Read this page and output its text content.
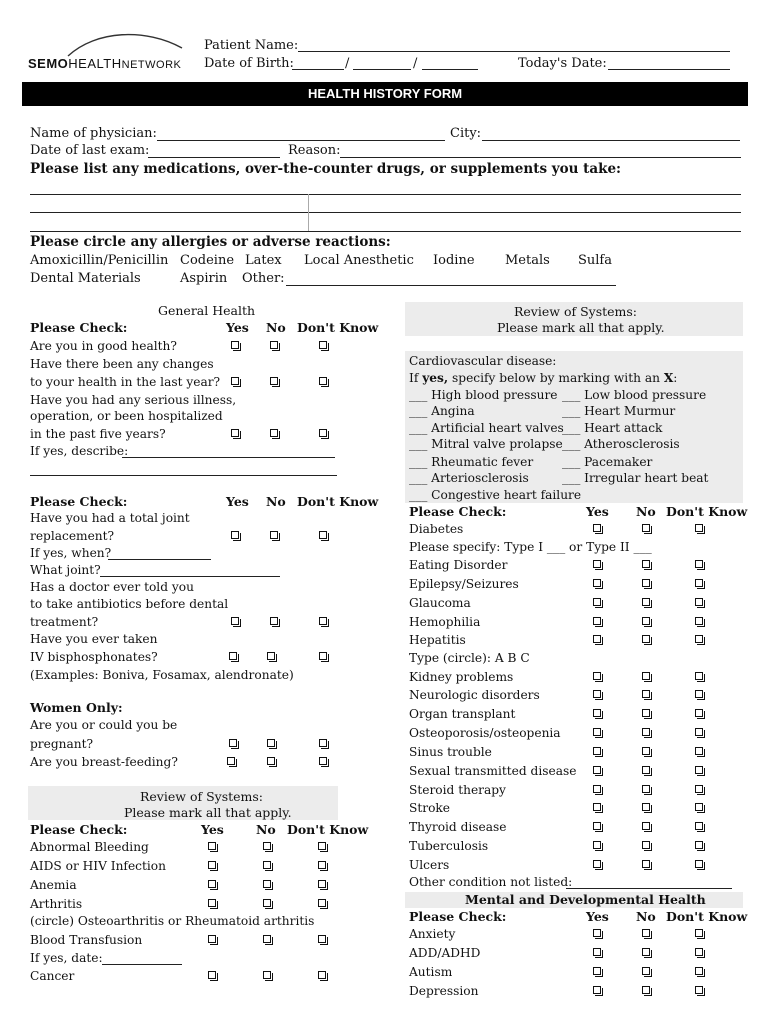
SEMOHEALTHNETWORK
Patient Name:
Date of Birth:	/	/	Today's Date:
HEALTH HISTORY FORM
Name of physician:	City:
Date of last exam:	Reason:
Please list any medications, over-the-counter drugs, or supplements you take:
Please circle any allergies or adverse reactions:
Amoxicillin/Penicillin Codeine Latex Local Anesthetic Iodine Metals Sulfa
Dental Materials	Aspirin Other:
General Health
Please Check:	Yes No Don't Know
Are you in good health?
Have there been any changes
to your health in the last year?
Have you had any serious illness,
operation, or been hospitalized
in the past five years?
If yes, describe:
Please Check:	Yes No Don't Know
Have you had a total joint
replacement?
If yes, when?
What joint?
Has a doctor ever told you
to take antibiotics before dental
treatment?
Have you ever taken
IV bisphosphonates?
(Examples: Boniva, Fosamax, alendronate)
Women Only:
Are you or could you be
pregnant?
Are you breast-feeding?
Review of Systems:
Please mark all that apply.
Please Check:	Yes	No Don't Know
Abnormal Bleeding
AIDS or HIV Infection
Anemia
Arthritis
(circle) Osteoarthritis or Rheumatoid arthritis
Blood Transfusion
If yes, date:
Cancer
Review of Systems:
Please mark all that apply.
Cardiovascular disease:
If yes, specify below by marking with an X:
___ High blood pressure
___ Angina
___ Artificial heart valves
___ Mitral valve prolapse
___ Rheumatic fever
___ Arteriosclerosis
___ Congestive heart failure
___ Low blood pressure
___ Heart Murmur
___ Heart attack
___ Atherosclerosis
___ Pacemaker
___ Irregular heart beat
Please Check:	Yes No Don't Know
Diabetes
Please specify: Type I ___ or Type II ___
Eating Disorder
Epilepsy/Seizures
Glaucoma
Hemophilia
Hepatitis
Type (circle): A B C
Kidney problems
Neurologic disorders
Organ transplant
Osteoporosis/osteopenia
Sinus trouble
Sexual transmitted disease
Steroid therapy
Stroke
Thyroid disease
Tuberculosis
Ulcers
Other condition not listed:
Mental and Developmental Health
Please Check:	Yes No Don't Know
Anxiety
ADD/ADHD
Autism
Depression
